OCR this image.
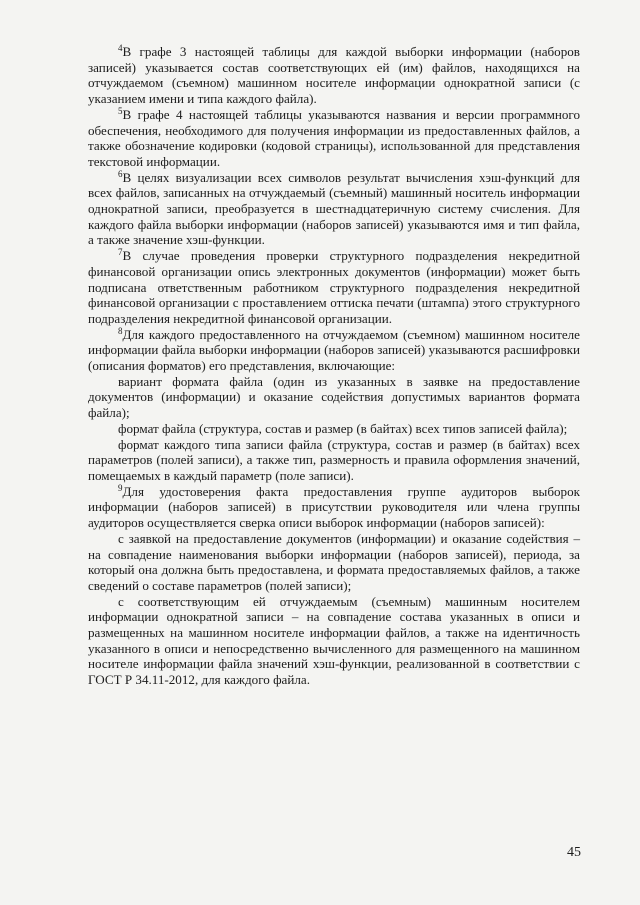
$^4$В графе 3 настоящей таблицы для каждой выборки информации (наборов записей) указывается состав соответствующих ей (им) файлов, находящихся на отчуждаемом (съемном) машинном носителе информации однократной записи (с указанием имени и типа каждого файла).

$^5$В графе 4 настоящей таблицы указываются названия и версии программного обеспечения, необходимого для получения информации из предоставленных файлов, а также обозначение кодировки (кодовой страницы), использованной для представления текстовой информации.

$^6$В целях визуализации всех символов результат вычисления хэш-функций для всех файлов, записанных на отчуждаемый (съемный) машинный носитель информации однократной записи, преобразуется в шестнадцатеричную систему счисления. Для каждого файла выборки информации (наборов записей) указываются имя и тип файла, а также значение хэш-функции.

$^7$В случае проведения проверки структурного подразделения некредитной финансовой организации опись электронных документов (информации) может быть подписана ответственным работником структурного подразделения некредитной финансовой организации с проставлением оттиска печати (штампа) этого структурного подразделения некредитной финансовой организации.

$^8$Для каждого предоставленного на отчуждаемом (съемном) машинном носителе информации файла выборки информации (наборов записей) указываются расшифровки (описания форматов) его представления, включающие:

вариант формата файла (один из указанных в заявке на предоставление документов (информации) и оказание содействия допустимых вариантов формата файла);

формат файла (структура, состав и размер (в байтах) всех типов записей файла);

формат каждого типа записи файла (структура, состав и размер (в байтах) всех параметров (полей записи), а также тип, размерность и правила оформления значений, помещаемых в каждый параметр (поле записи).

$^9$Для удостоверения факта предоставления группе аудиторов выборок информации (наборов записей) в присутствии руководителя или члена группы аудиторов осуществляется сверка описи выборок информации (наборов записей):

с заявкой на предоставление документов (информации) и оказание содействия – на совпадение наименования выборки информации (наборов записей), периода, за который она должна быть предоставлена, и формата предоставляемых файлов, а также сведений о составе параметров (полей записи);

с соответствующим ей отчуждаемым (съемным) машинным носителем информации однократной записи – на совпадение состава указанных в описи и размещенных на машинном носителе информации файлов, а также на идентичность указанного в описи и непосредственно вычисленного для размещенного на машинном носителе информации файла значений хэш-функции, реализованной в соответствии с ГОСТ Р 34.11-2012, для каждого файла.

45
